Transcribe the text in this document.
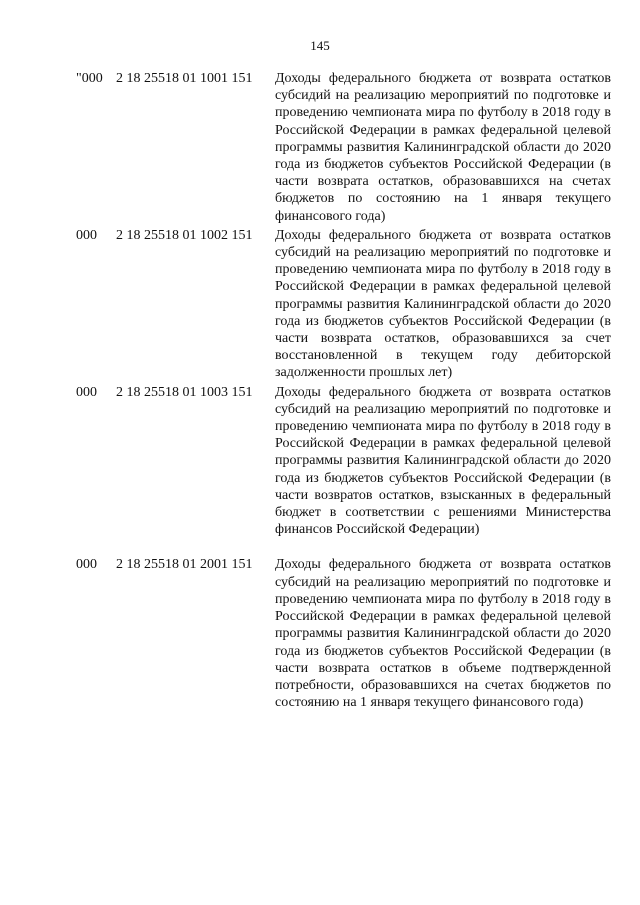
145
"000 2 18 25518 01 1001 151 Доходы федерального бюджета от возврата остатков субсидий на реализацию мероприятий по подготовке и проведению чемпионата мира по футболу в 2018 году в Российской Федерации в рамках федеральной целевой программы развития Калининградской области до 2020 года из бюджетов субъектов Российской Федерации (в части возврата остатков, образовавшихся на счетах бюджетов по состоянию на 1 января текущего финансового года)
000 2 18 25518 01 1002 151 Доходы федерального бюджета от возврата остатков субсидий на реализацию мероприятий по подготовке и проведению чемпионата мира по футболу в 2018 году в Российской Федерации в рамках федеральной целевой программы развития Калининградской области до 2020 года из бюджетов субъектов Российской Федерации (в части возврата остатков, образовавшихся за счет восстановленной в текущем году дебиторской задолженности прошлых лет)
000 2 18 25518 01 1003 151 Доходы федерального бюджета от возврата остатков субсидий на реализацию мероприятий по подготовке и проведению чемпионата мира по футболу в 2018 году в Российской Федерации в рамках федеральной целевой программы развития Калининградской области до 2020 года из бюджетов субъектов Российской Федерации (в части возвратов остатков, взысканных в федеральный бюджет в соответствии с решениями Министерства финансов Российской Федерации)
000 2 18 25518 01 2001 151 Доходы федерального бюджета от возврата остатков субсидий на реализацию мероприятий по подготовке и проведению чемпионата мира по футболу в 2018 году в Российской Федерации в рамках федеральной целевой программы развития Калининградской области до 2020 года из бюджетов субъектов Российской Федерации (в части возврата остатков в объеме подтвержденной потребности, образовавшихся на счетах бюджетов по состоянию на 1 января текущего финансового года)
